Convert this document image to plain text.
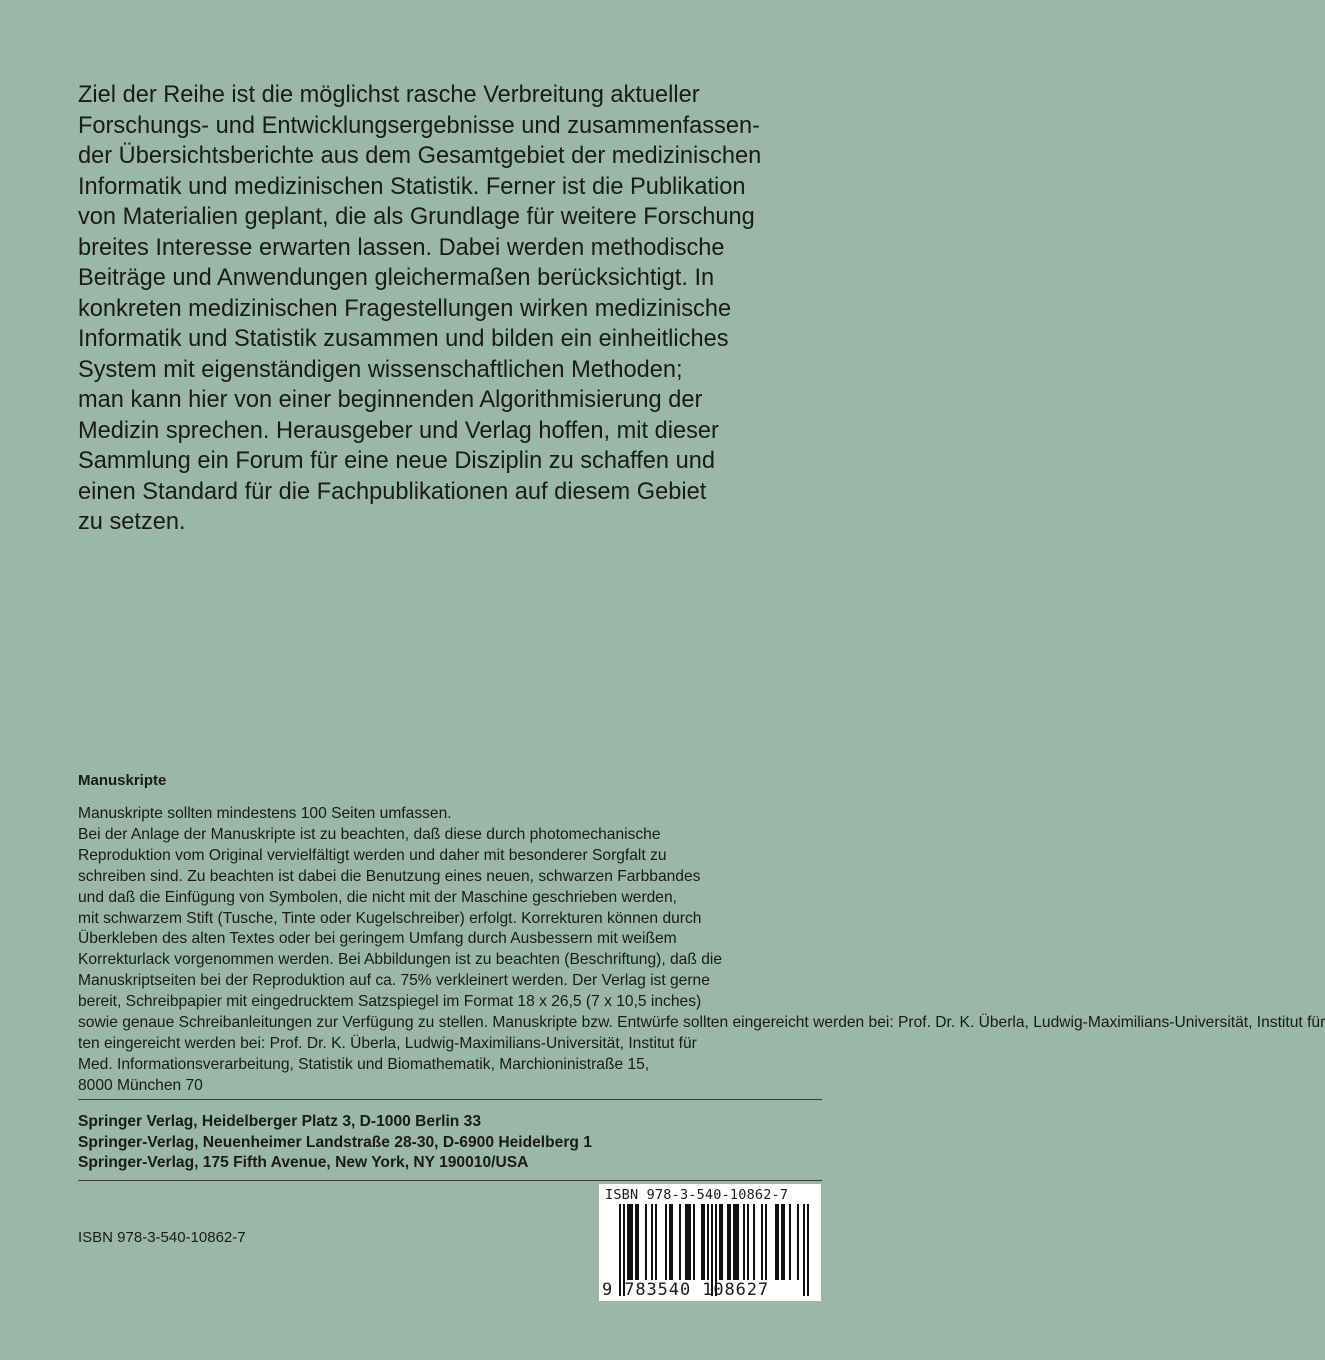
Ziel der Reihe ist die möglichst rasche Verbreitung aktueller
Forschungs- und Entwicklungsergebnisse und zusammenfassen-
der Übersichtsberichte aus dem Gesamtgebiet der medizinischen
Informatik und medizinischen Statistik. Ferner ist die Publikation
von Materialien geplant, die als Grundlage für weitere Forschung
breites Interesse erwarten lassen. Dabei werden methodische
Beiträge und Anwendungen gleichermaßen berücksichtigt. In
konkreten medizinischen Fragestellungen wirken medizinische
Informatik und Statistik zusammen und bilden ein einheitliches
System mit eigenständigen wissenschaftlichen Methoden;
man kann hier von einer beginnenden Algorithmisierung der
Medizin sprechen. Herausgeber und Verlag hoffen, mit dieser
Sammlung ein Forum für eine neue Disziplin zu schaffen und
einen Standard für die Fachpublikationen auf diesem Gebiet
zu setzen.
Manuskripte
Manuskripte sollten mindestens 100 Seiten umfassen.
Bei der Anlage der Manuskripte ist zu beachten, daß diese durch photomechanische
Reproduktion vom Original vervielfältigt werden und daher mit besonderer Sorgfalt zu
schreiben sind. Zu beachten ist dabei die Benutzung eines neuen, schwarzen Farbbandes
und daß die Einfügung von Symbolen, die nicht mit der Maschine geschrieben werden,
mit schwarzem Stift (Tusche, Tinte oder Kugelschreiber) erfolgt. Korrekturen können durch
Überkleben des alten Textes oder bei geringem Umfang durch Ausbessern mit weißem
Korrekturlack vorgenommen werden. Bei Abbildungen ist zu beachten (Beschriftung), daß die
Manuskriptseiten bei der Reproduktion auf ca. 75% verkleinert werden. Der Verlag ist gerne
bereit, Schreibpapier mit eingedrucktem Satzspiegel im Format 18 x 26,5 (7 x 10,5 inches)
sowie genaue Schreibanleitungen zur Verfügung zu stellen. Manuskripte bzw. Entwürfe sollten eingereicht werden bei: Prof. Dr. K. Überla, Ludwig-Maximilians-Universität, Institut für
ten eingereicht werden bei: Prof. Dr. K. Überla, Ludwig-Maximilians-Universität, Institut für
Med. Informationsverarbeitung, Statistik und Biomathematik, Marchioninistraße 15,
8000 München 70
Springer Verlag, Heidelberger Platz 3, D-1000 Berlin 33
Springer-Verlag, Neuenheimer Landstraße 28-30, D-6900 Heidelberg 1
Springer-Verlag, 175 Fifth Avenue, New York, NY 190010/USA
ISBN 978-3-540-10862-7
ISBN 978-3-540-10862-7
9 783540 108627
